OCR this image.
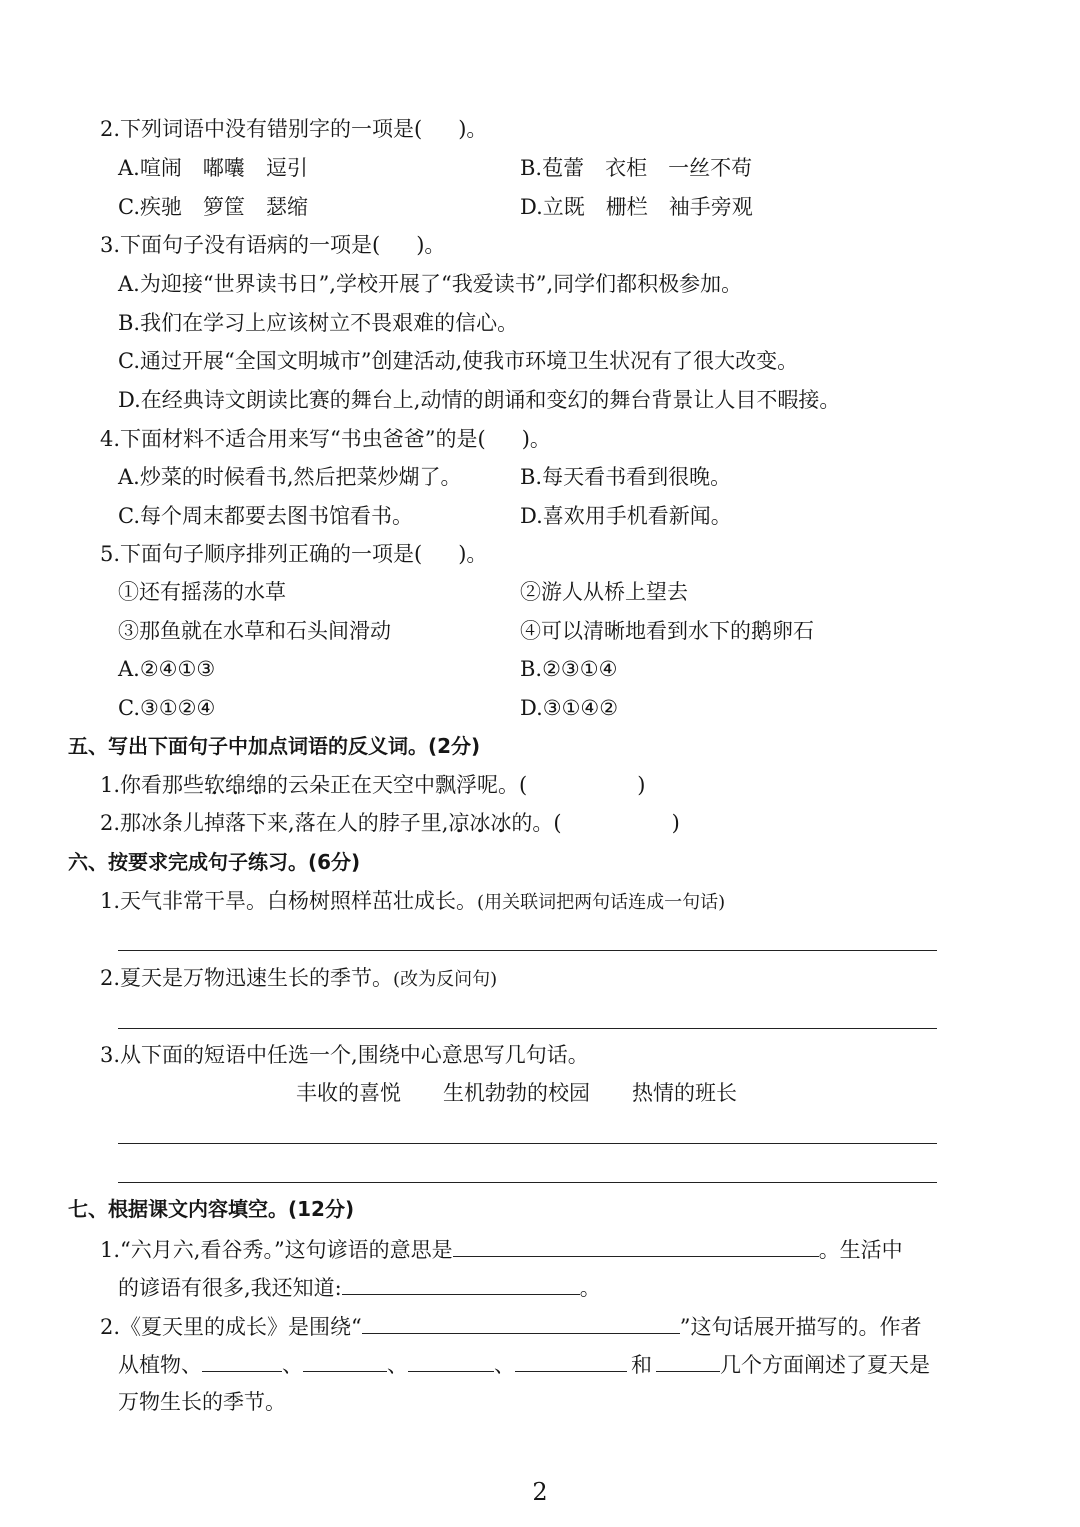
2.下列词语中没有错别字的一项是( )。
A.喧闹　嘟囔　逗引	B.苞蕾　衣柜　一丝不苟
C.疾驰　箩筐　瑟缩	D.立既　栅栏　袖手旁观
3.下面句子没有语病的一项是( )。
A.为迎接“世界读书日”,学校开展了“我爱读书”,同学们都积极参加。
B.我们在学习上应该树立不畏艰难的信心。
C.通过开展“全国文明城市”创建活动,使我市环境卫生状况有了很大改变。
D.在经典诗文朗读比赛的舞台上,动情的朗诵和变幻的舞台背景让人目不暇接。
4.下面材料不适合用来写“书虫爸爸”的是( )。
A.炒菜的时候看书,然后把菜炒煳了。	B.每天看书看到很晚。
C.每个周末都要去图书馆看书。	D.喜欢用手机看新闻。
5.下面句子顺序排列正确的一项是( )。
①还有摇荡的水草	②游人从桥上望去
③那鱼就在水草和石头间滑动	④可以清晰地看到水下的鹅卵石
A.②④①③	B.②③①④
C.③①②④	D.③①④②
五、写出下面句子中加点词语的反义词。(2分)
1.你看那些软绵绵的云朵正在天空中飘浮呢。(	)
2.那冰条儿掉落下来,落在人的脖子里,凉冰冰的。(	)
六、按要求完成句子练习。(6分)
1.天气非常干旱。白杨树照样茁壮成长。(用关联词把两句话连成一句话)
2.夏天是万物迅速生长的季节。(改为反问句)
3.从下面的短语中任选一个,围绕中心意思写几句话。
丰收的喜悦 生机勃勃的校园 热情的班长
七、根据课文内容填空。(12分)
1.“六月六,看谷秀。”这句谚语的意思是	。生活中
的谚语有很多,我还知道:	。
2.《夏天里的成长》是围绕“	”这句话展开描写的。作者
从植物、	、	、	、	和	几个方面阐述了夏天是
万物生长的季节。
2
